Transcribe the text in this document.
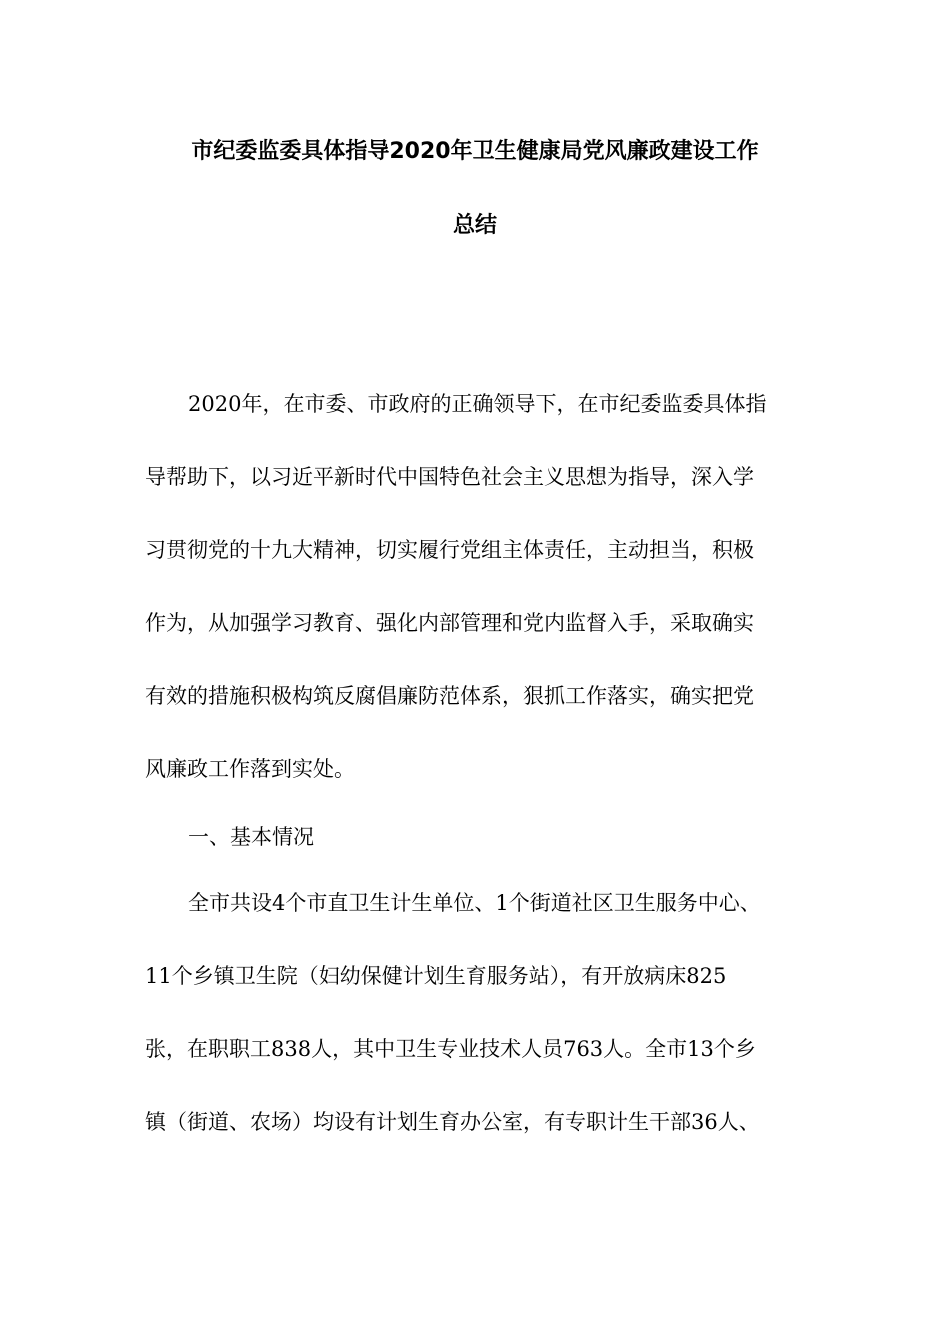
市纪委监委具体指导2020年卫生健康局党风廉政建设工作
总结
2020年，在市委、市政府的正确领导下，在市纪委监委具体指
导帮助下，以习近平新时代中国特色社会主义思想为指导，深入学
习贯彻党的十九大精神，切实履行党组主体责任，主动担当，积极
作为，从加强学习教育、强化内部管理和党内监督入手，采取确实
有效的措施积极构筑反腐倡廉防范体系，狠抓工作落实，确实把党
风廉政工作落到实处。
一、基本情况
全市共设4个市直卫生计生单位、1个街道社区卫生服务中心、
11个乡镇卫生院（妇幼保健计划生育服务站），有开放病床825
张，在职职工838人，其中卫生专业技术人员763人。全市13个乡
镇（街道、农场）均设有计划生育办公室，有专职计生干部36人、
